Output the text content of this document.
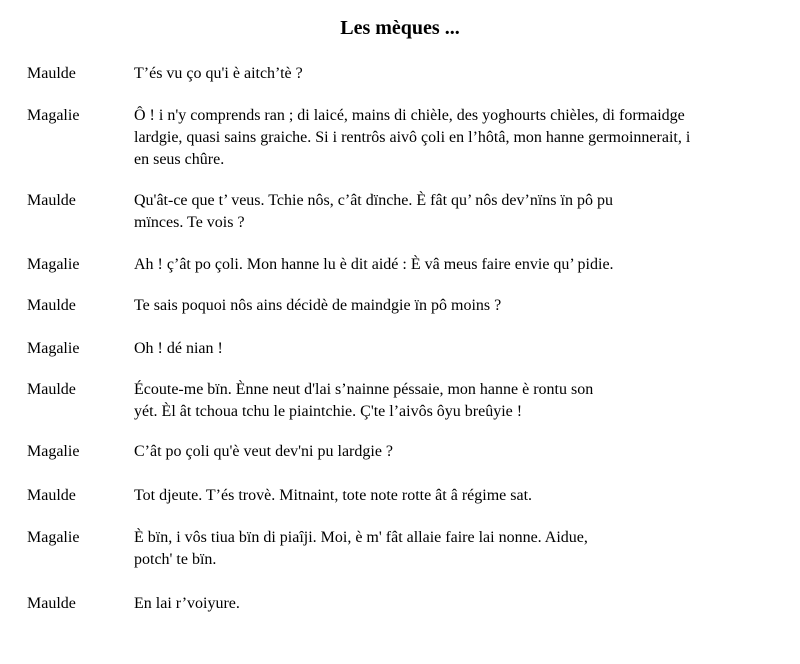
Les mèques ...
Maulde	T’és vu ço qu'i è aitch’tè ?
Magalie	Ô ! i n'y comprends ran ; di laicé, mains di chièle, des yoghourts chièles, di formaidge
lardgie, quasi sains graiche. Si i rentrôs aivô çoli en l’hôtâ, mon hanne germoinnerait, i
en seus chûre.
Maulde	Qu'ât-ce que t’ veus. Tchie nôs, c’ât dïnche. È fât qu’ nôs dev’nïns ïn pô pu
mïnces. Te vois ?
Magalie	Ah ! ç’ât po çoli. Mon hanne lu è dit aidé : È vâ meus faire envie qu’ pidie.
Maulde	Te sais poquoi nôs ains décidè de maindgie ïn pô moins ?
Magalie	Oh ! dé nian !
Maulde	Écoute-me bïn. Ènne neut d'lai s’nainne péssaie, mon hanne è rontu son
yét. Èl ât tchoua tchu le piaintchie. Ç'te l’aivôs ôyu breûyie !
Magalie	C’ât po çoli qu'è veut dev'ni pu lardgie ?
Maulde	Tot djeute. T’és trovè. Mitnaint, tote note rotte ât â régime sat.
Magalie	È bïn, i vôs tiua bïn di piaîji. Moi, è m' fât allaie faire lai nonne. Aidue,
potch' te bïn.
Maulde	En lai r’voiyure.
